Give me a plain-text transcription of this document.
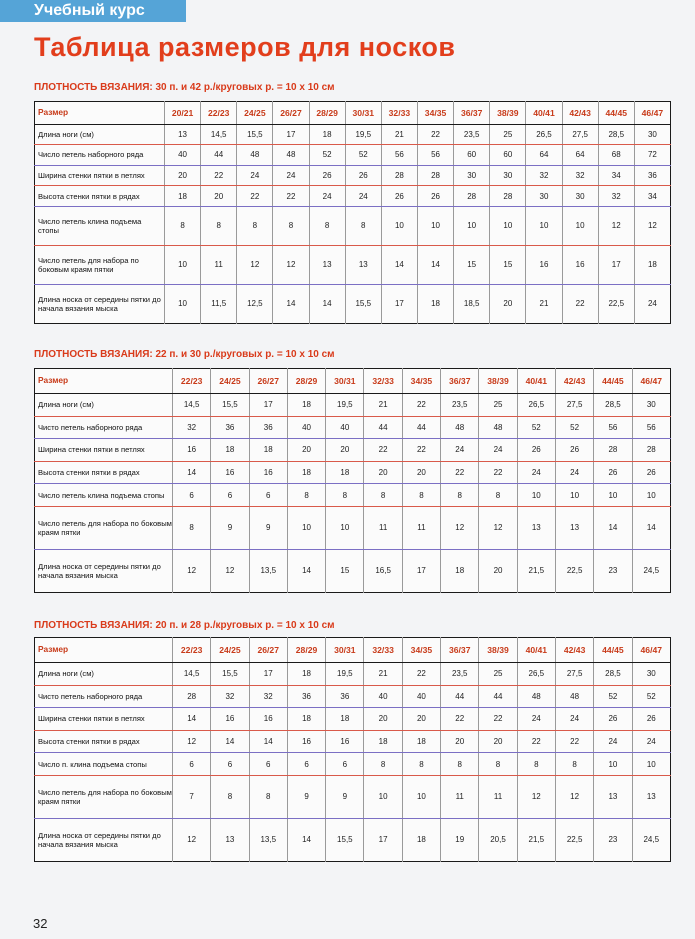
Учебный курс
Таблица размеров для носков
ПЛОТНОСТЬ ВЯЗАНИЯ: 30 п. и 42 р./круговых р. = 10 х 10 см
Размер	20/21	22/23	24/25	26/27	28/29	30/31	32/33	34/35	36/37	38/39	40/41	42/43	44/45	46/47
Длина ноги (см)	13	14,5	15,5	17	18	19,5	21	22	23,5	25	26,5	27,5	28,5	30
Число петель наборного ряда	40	44	48	48	52	52	56	56	60	60	64	64	68	72
Ширина стенки пятки в петлях	20	22	24	24	26	26	28	28	30	30	32	32	34	36
Высота стенки пятки в рядах	18	20	22	22	24	24	26	26	28	28	30	30	32	34
Число петель клина подъема стопы	8	8	8	8	8	8	10	10	10	10	10	10	12	12
Число петель для набора по боковым краям пятки	10	11	12	12	13	13	14	14	15	15	16	16	17	18
Длина носка от середины пятки до начала вязания мыска	10	11,5	12,5	14	14	15,5	17	18	18,5	20	21	22	22,5	24
ПЛОТНОСТЬ ВЯЗАНИЯ: 22 п. и 30 р./круговых р. = 10 х 10 см
Размер	22/23	24/25	26/27	28/29	30/31	32/33	34/35	36/37	38/39	40/41	42/43	44/45	46/47
Длина ноги (см)	14,5	15,5	17	18	19,5	21	22	23,5	25	26,5	27,5	28,5	30
Чисто петель наборного ряда	32	36	36	40	40	44	44	48	48	52	52	56	56
Ширина стенки пятки в петлях	16	18	18	20	20	22	22	24	24	26	26	28	28
Высота стенки пятки в рядах	14	16	16	18	18	20	20	22	22	24	24	26	26
Число петель клина подъема стопы	6	6	6	8	8	8	8	8	8	10	10	10	10
Число петель для набора по боковым краям пятки	8	9	9	10	10	11	11	12	12	13	13	14	14
Длина носка от середины пятки до начала вязания мыска	12	12	13,5	14	15	16,5	17	18	20	21,5	22,5	23	24,5
ПЛОТНОСТЬ ВЯЗАНИЯ: 20 п. и 28 р./круговых р. = 10 х 10 см
Размер	22/23	24/25	26/27	28/29	30/31	32/33	34/35	36/37	38/39	40/41	42/43	44/45	46/47
Длина ноги (см)	14,5	15,5	17	18	19,5	21	22	23,5	25	26,5	27,5	28,5	30
Чисто петель наборного ряда	28	32	32	36	36	40	40	44	44	48	48	52	52
Ширина стенки пятки в петлях	14	16	16	18	18	20	20	22	22	24	24	26	26
Высота стенки пятки в рядах	12	14	14	16	16	18	18	20	20	22	22	24	24
Число п. клина подъема стопы	6	6	6	6	6	8	8	8	8	8	8	10	10
Число петель для набора по боковым краям пятки	7	8	8	9	9	10	10	11	11	12	12	13	13
Длина носка от середины пятки до начала вязания мыска	12	13	13,5	14	15,5	17	18	19	20,5	21,5	22,5	23	24,5
32
